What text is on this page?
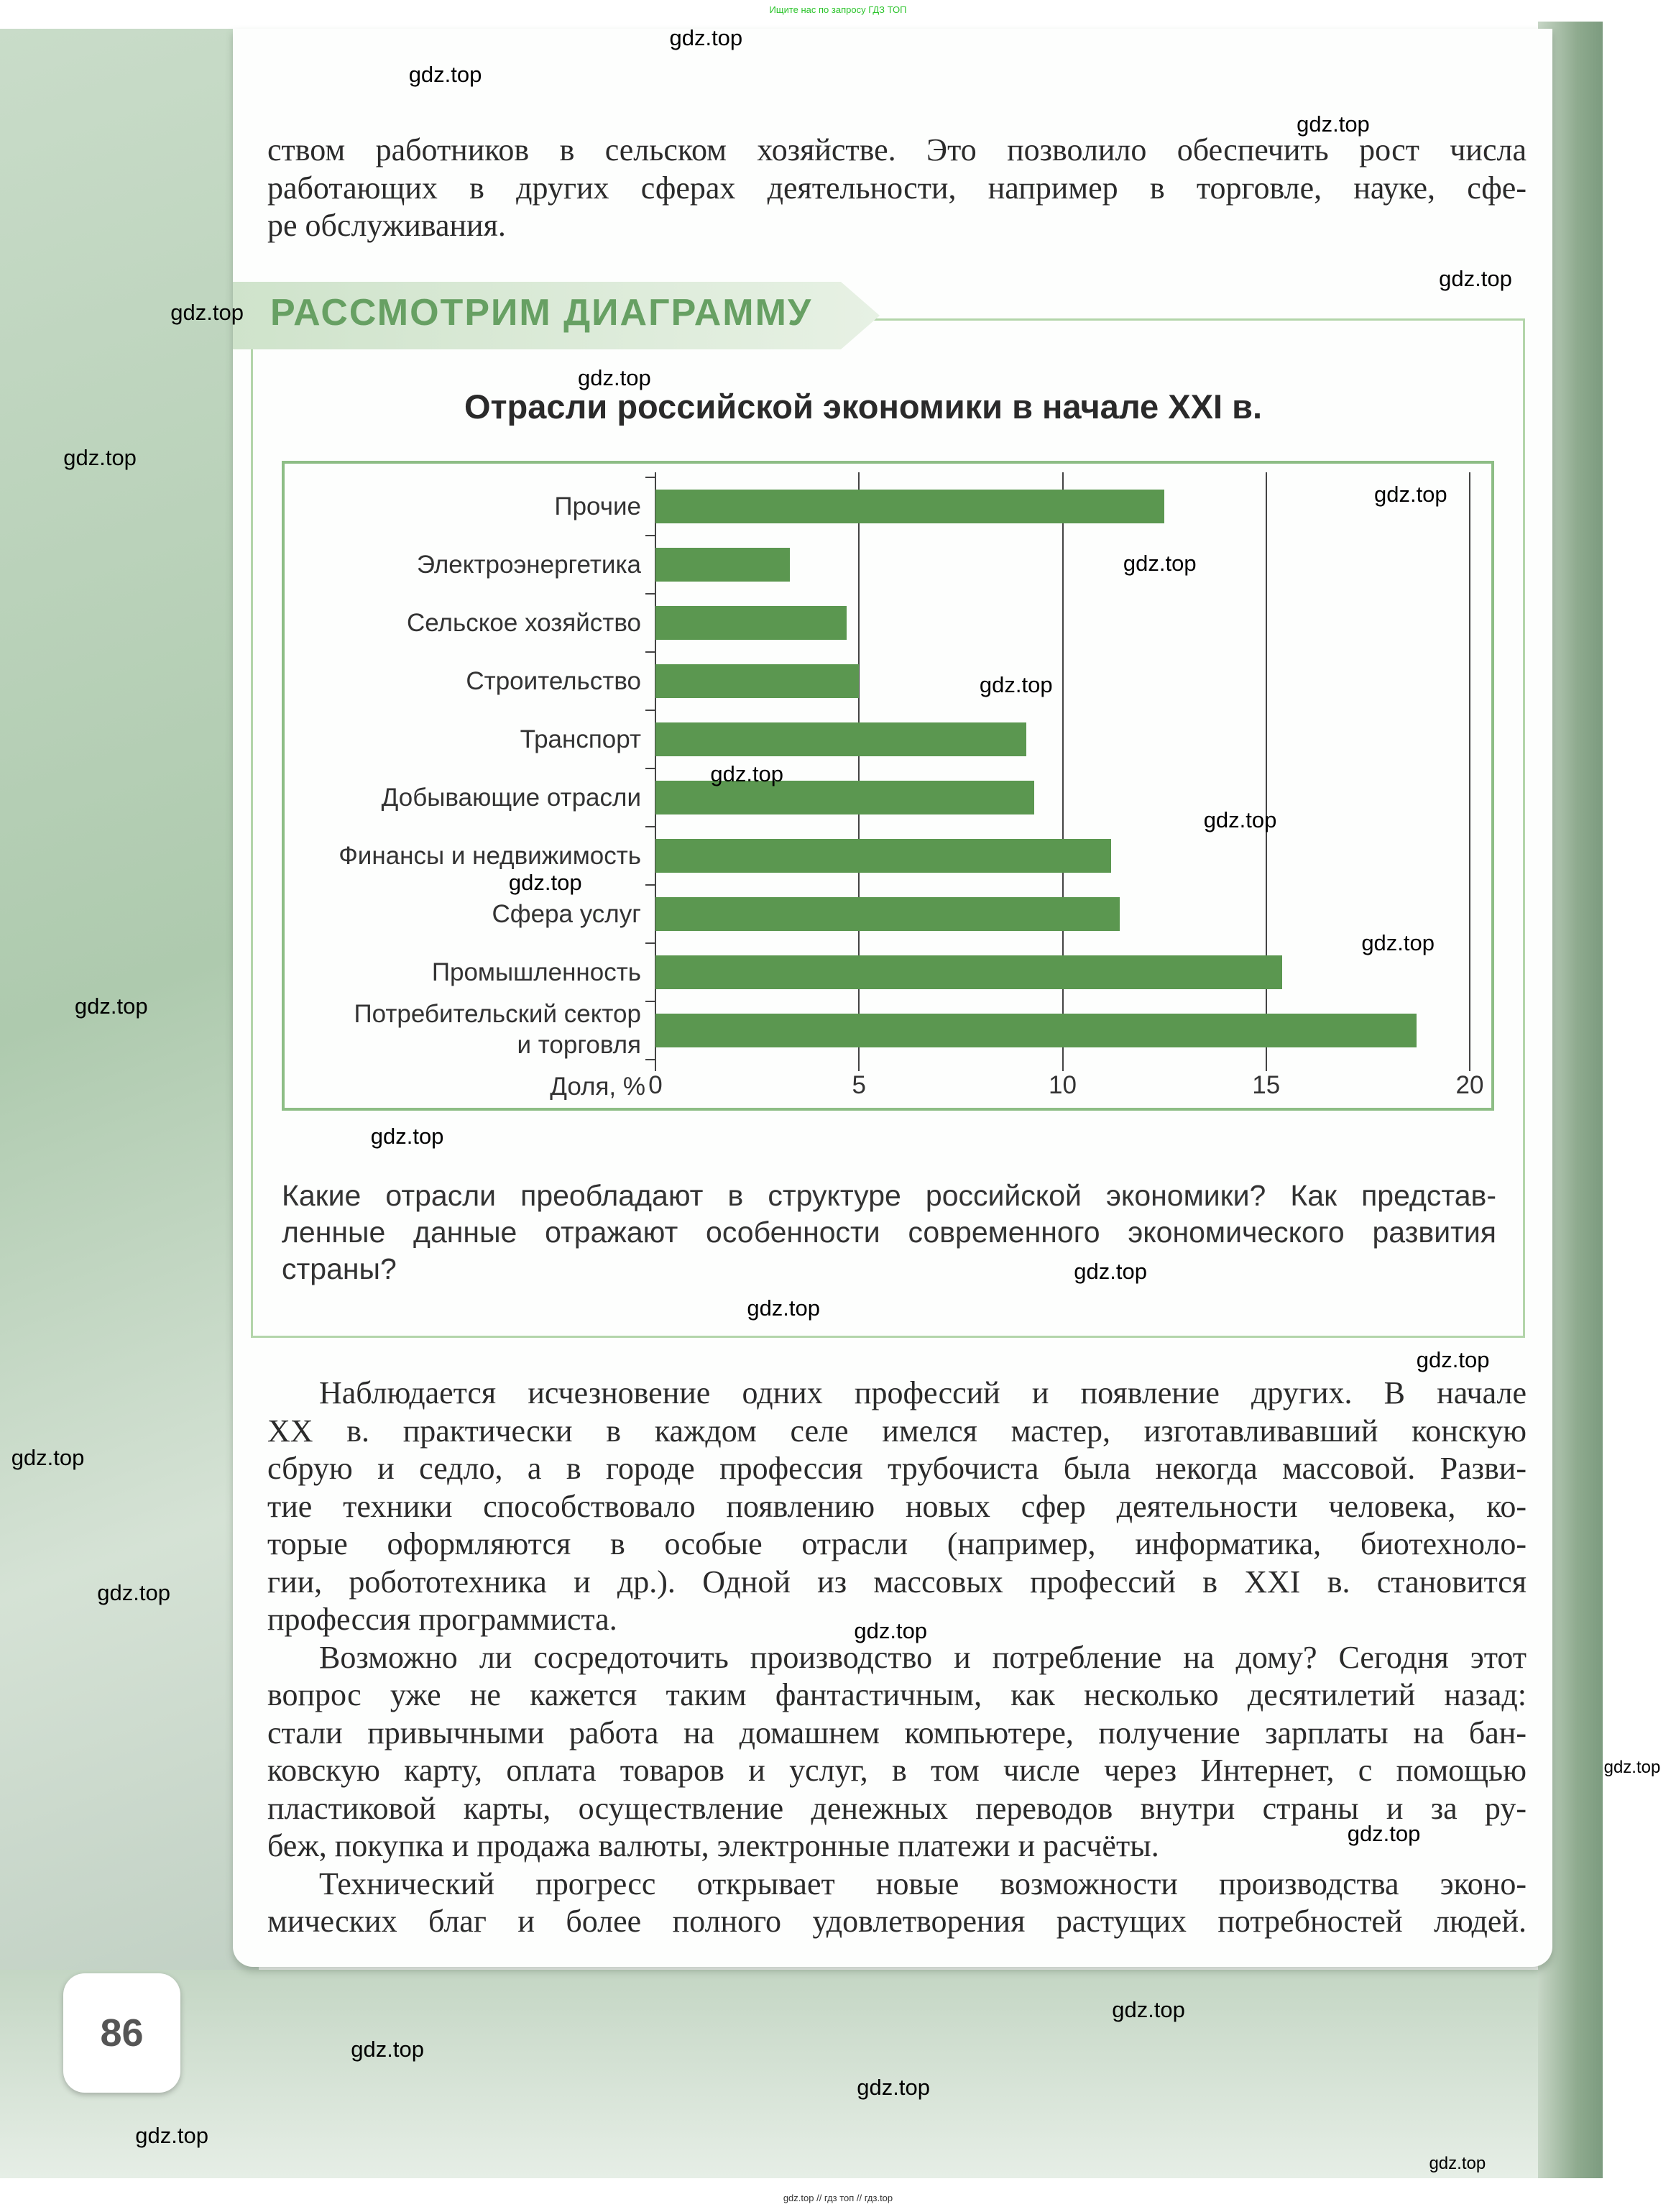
Ищите нас по запросу ГДЗ ТОП
ством работников в сельском хозяйстве. Это позволило обеспечить рост числа
работающих в других сферах деятельности, например в торговле, науке, сфе-
ре обслуживания.
РАССМОТРИМ ДИАГРАММУ
Отрасли российской экономики в начале XXI в.
0	5	10	15	20
Доля, %
Прочие
Электроэнергетика
Сельское хозяйство
Строительство
Транспорт
Добывающие отрасли
Финансы и недвижимость
Сфера услуг
Промышленность
Потребительский сектор
и торговля
Какие отрасли преобладают в структуре российской экономики? Как представ-
ленные данные отражают особенности современного экономического развития
страны?
Наблюдается исчезновение одних профессий и появление других. В начале
XX в. практически в каждом селе имелся мастер, изготавливавший конскую
сбрую и седло, а в городе профессия трубочиста была некогда массовой. Разви-
тие техники способствовало появлению новых сфер деятельности человека, ко-
торые оформляются в особые отрасли (например, информатика, биотехноло-
гии, робототехника и др.). Одной из массовых профессий в XXI в. становится
профессия программиста.
Возможно ли сосредоточить производство и потребление на дому? Сегодня этот
вопрос уже не кажется таким фантастичным, как несколько десятилетий назад:
стали привычными работа на домашнем компьютере, получение зарплаты на бан-
ковскую карту, оплата товаров и услуг, в том числе через Интернет, с помощью
пластиковой карты, осуществление денежных переводов внутри страны и за ру-
беж, покупка и продажа валюты, электронные платежи и расчёты.
Технический прогресс открывает новые возможности производства эконо-
мических благ и более полного удовлетворения растущих потребностей людей.
86
gdz.top
gdz.top
gdz.top
gdz.top
gdz.top
gdz.top
gdz.top
gdz.top
gdz.top
gdz.top
gdz.top
gdz.top
gdz.top
gdz.top
gdz.top
gdz.top
gdz.top
gdz.top
gdz.top
gdz.top
gdz.top
gdz.top
gdz.top
gdz.top
gdz.top
gdz.top
gdz.top
gdz.top
gdz.top
gdz.top // гдз топ // гдз.top
